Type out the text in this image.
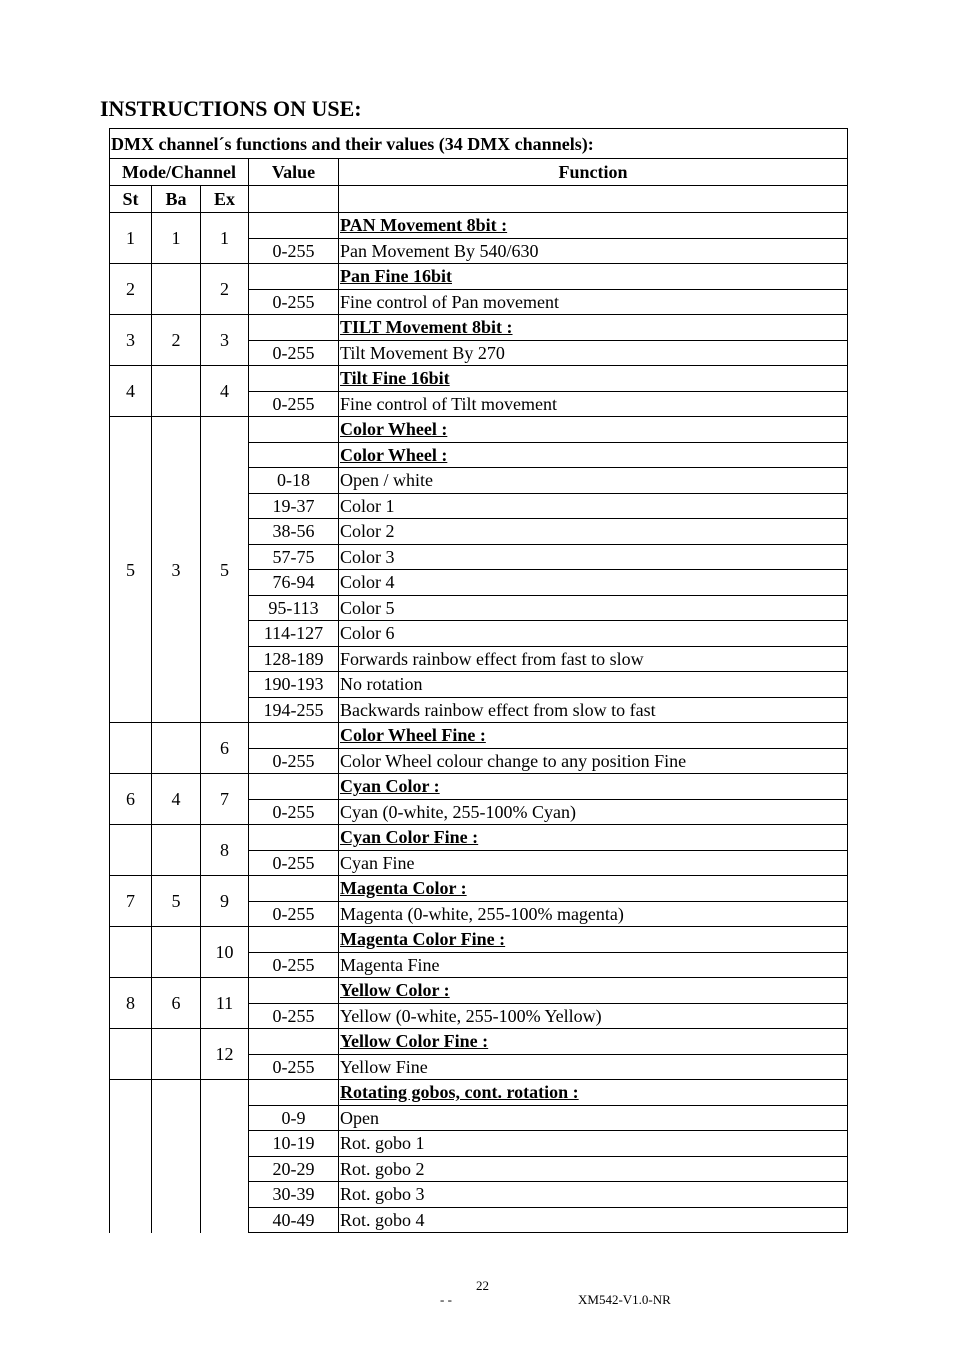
INSTRUCTIONS ON USE:
DMX channel´s functions and their values (34 DMX channels):				
Mode/Channel			Value	Function
St	Ba	Ex		
1	1	1		PAN Movement 8bit :
			0-255	Pan Movement By 540/630
2		2		Pan Fine 16bit
			0-255	Fine control of Pan movement
3	2	3		TILT Movement 8bit :
			0-255	Tilt Movement By 270
4		4		Tilt Fine 16bit
			0-255	Fine control of Tilt movement
5	3	5		Color Wheel :
				Color Wheel :
			0-18	Open / white
			19-37	Color 1
			38-56	Color 2
			57-75	Color 3
			76-94	Color 4
			95-113	Color 5
			114-127	Color 6
			128-189	Forwards rainbow effect from fast to slow
			190-193	No rotation
			194-255	Backwards rainbow effect from slow to fast
		6		Color Wheel Fine :
			0-255	Color Wheel colour change to any position Fine
6	4	7		Cyan Color :
			0-255	Cyan (0-white, 255-100% Cyan)
		8		Cyan Color Fine :
			0-255	Cyan Fine
7	5	9		Magenta Color :
			0-255	Magenta (0-white, 255-100% magenta)
		10		Magenta Color Fine :
			0-255	Magenta Fine
8	6	11		Yellow Color :
			0-255	Yellow (0-white, 255-100% Yellow)
		12		Yellow Color Fine :
			0-255	Yellow Fine
				Rotating gobos, cont. rotation :
			0-9	Open
			10-19	Rot. gobo 1
			20-29	Rot. gobo 2
			30-39	Rot. gobo 3
			40-49	Rot. gobo 4
22
- -	XM542-V1.0-NR
